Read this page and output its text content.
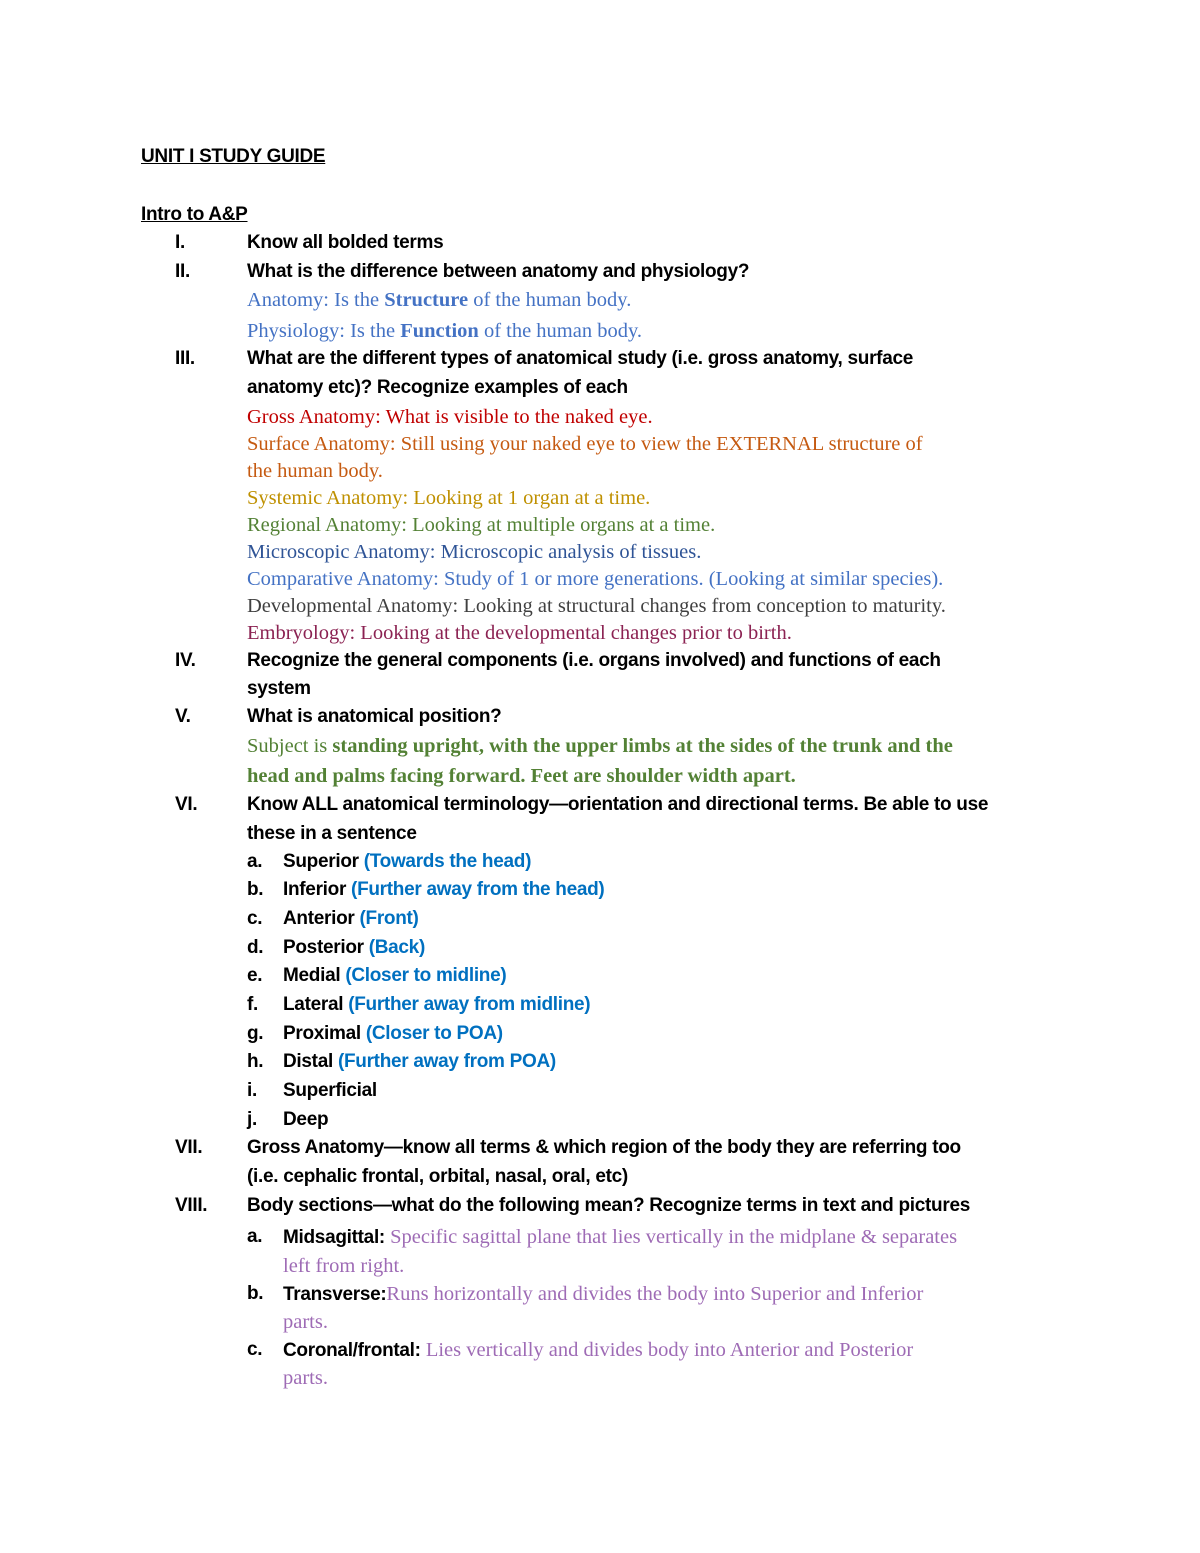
UNIT I STUDY GUIDE
Intro to A&P
I.	Know all bolded terms
II.	What is the difference between anatomy and physiology?
Anatomy: Is the Structure of the human body.
Physiology: Is the Function of the human body.
III.	What are the different types of anatomical study (i.e. gross anatomy, surface
anatomy etc)? Recognize examples of each
Gross Anatomy: What is visible to the naked eye.
Surface Anatomy: Still using your naked eye to view the EXTERNAL structure of
the human body.
Systemic Anatomy: Looking at 1 organ at a time.
Regional Anatomy: Looking at multiple organs at a time.
Microscopic Anatomy: Microscopic analysis of tissues.
Comparative Anatomy: Study of 1 or more generations. (Looking at similar species).
Developmental Anatomy: Looking at structural changes from conception to maturity.
Embryology: Looking at the developmental changes prior to birth.
IV.	Recognize the general components (i.e. organs involved) and functions of each
system
V.	What is anatomical position?
Subject is standing upright, with the upper limbs at the sides of the trunk and the
head and palms facing forward. Feet are shoulder width apart.
VI.	Know ALL anatomical terminology—orientation and directional terms. Be able to use
these in a sentence
a. Superior (Towards the head)
b. Inferior (Further away from the head)
c. Anterior (Front)
d. Posterior (Back)
e. Medial (Closer to midline)
f. Lateral (Further away from midline)
g. Proximal (Closer to POA)
h. Distal (Further away from POA)
i. Superficial
j. Deep
VII. Gross Anatomy—know all terms & which region of the body they are referring too
(i.e. cephalic frontal, orbital, nasal, oral, etc)
VIII. Body sections—what do the following mean? Recognize terms in text and pictures
a. Midsagittal: Specific sagittal plane that lies vertically in the midplane & separates
left from right.
b. Transverse:Runs horizontally and divides the body into Superior and Inferior
parts.
c. Coronal/frontal: Lies vertically and divides body into Anterior and Posterior
parts.
